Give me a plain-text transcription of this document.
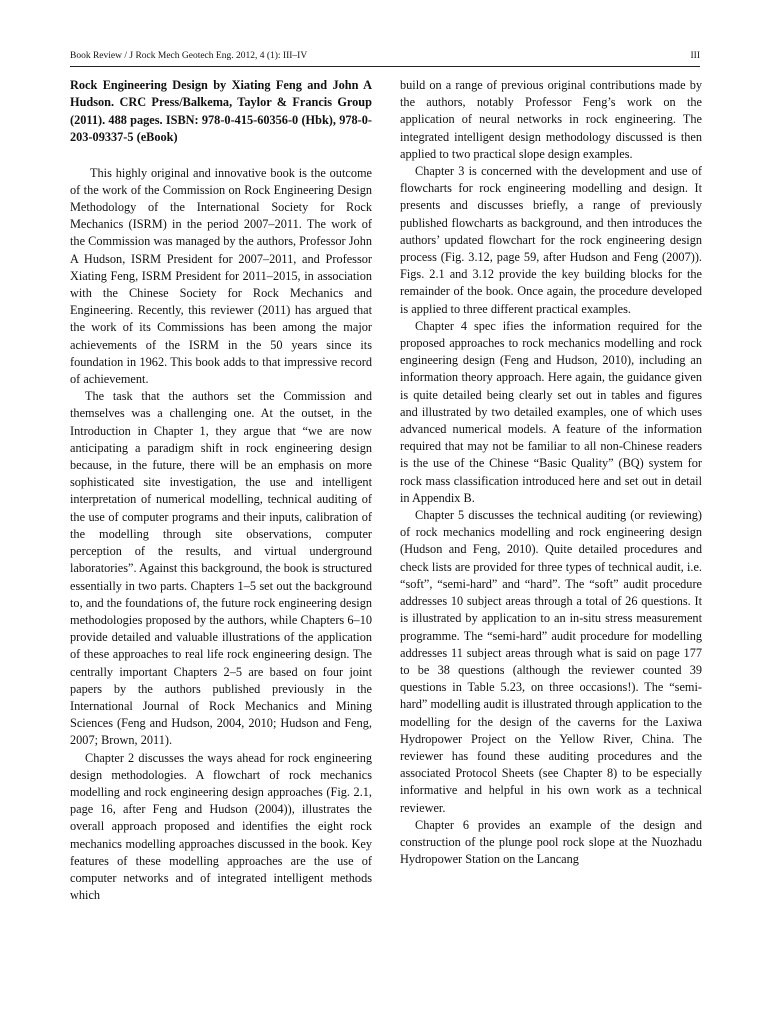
Book Review / J Rock Mech Geotech Eng. 2012, 4 (1): III–IV	III

Rock Engineering Design by Xiating Feng and John A Hudson. CRC Press/Balkema, Taylor & Francis Group (2011). 488 pages. ISBN: 978-0-415-60356-0 (Hbk), 978-0-203-09337-5 (eBook)

This highly original and innovative book is the outcome of the work of the Commission on Rock Engineering Design Methodology of the International Society for Rock Mechanics (ISRM) in the period 2007–2011. The work of the Commission was managed by the authors, Professor John A Hudson, ISRM President for 2007–2011, and Professor Xiating Feng, ISRM President for 2011–2015, in association with the Chinese Society for Rock Mechanics and Engineering. Recently, this reviewer (2011) has argued that the work of its Commissions has been among the major achievements of the ISRM in the 50 years since its foundation in 1962. This book adds to that impressive record of achievement.

The task that the authors set the Commission and themselves was a challenging one. At the outset, in the Introduction in Chapter 1, they argue that “we are now anticipating a paradigm shift in rock engineering design because, in the future, there will be an emphasis on more sophisticated site investigation, the use and intelligent interpretation of numerical modelling, technical auditing of the use of computer programs and their inputs, calibration of the modelling through site observations, computer perception of the results, and virtual underground laboratories”. Against this background, the book is structured essentially in two parts. Chapters 1–5 set out the background to, and the foundations of, the future rock engineering design methodologies proposed by the authors, while Chapters 6–10 provide detailed and valuable illustrations of the application of these approaches to real life rock engineering design. The centrally important Chapters 2–5 are based on four joint papers by the authors published previously in the International Journal of Rock Mechanics and Mining Sciences (Feng and Hudson, 2004, 2010; Hudson and Feng, 2007; Brown, 2011).

Chapter 2 discusses the ways ahead for rock engineering design methodologies. A flowchart of rock mechanics modelling and rock engineering design approaches (Fig. 2.1, page 16, after Feng and Hudson (2004)), illustrates the overall approach proposed and identifies the eight rock mechanics modelling approaches discussed in the book. Key features of these modelling approaches are the use of computer networks and of integrated intelligent methods which

build on a range of previous original contributions made by the authors, notably Professor Feng’s work on the application of neural networks in rock engineering. The integrated intelligent design methodology discussed is then applied to two practical slope design examples.

Chapter 3 is concerned with the development and use of flowcharts for rock engineering modelling and design. It presents and discusses briefly, a range of previously published flowcharts as background, and then introduces the authors’ updated flowchart for the rock engineering design process (Fig. 3.12, page 59, after Hudson and Feng (2007)). Figs. 2.1 and 3.12 provide the key building blocks for the remainder of the book. Once again, the procedure developed is applied to three different practical examples.

Chapter 4 spec ifies the information required for the proposed approaches to rock mechanics modelling and rock engineering design (Feng and Hudson, 2010), including an information theory approach. Here again, the guidance given is quite detailed being clearly set out in tables and figures and illustrated by two detailed examples, one of which uses advanced numerical models. A feature of the information required that may not be familiar to all non-Chinese readers is the use of the Chinese “Basic Quality” (BQ) system for rock mass classification introduced here and set out in detail in Appendix B.

Chapter 5 discusses the technical auditing (or reviewing) of rock mechanics modelling and rock engineering design (Hudson and Feng, 2010). Quite detailed procedures and check lists are provided for three types of technical audit, i.e. “soft”, “semi-hard” and “hard”. The “soft” audit procedure addresses 10 subject areas through a total of 26 questions. It is illustrated by application to an in-situ stress measurement programme. The “semi-hard” audit procedure for modelling addresses 11 subject areas through what is said on page 177 to be 38 questions (although the reviewer counted 39 questions in Table 5.23, on three occasions!). The “semi-hard” modelling audit is illustrated through application to the modelling for the design of the caverns for the Laxiwa Hydropower Project on the Yellow River, China. The reviewer has found these auditing procedures and the associated Protocol Sheets (see Chapter 8) to be especially informative and helpful in his own work as a technical reviewer.

Chapter 6 provides an example of the design and construction of the plunge pool rock slope at the Nuozhadu Hydropower Station on the Lancang
